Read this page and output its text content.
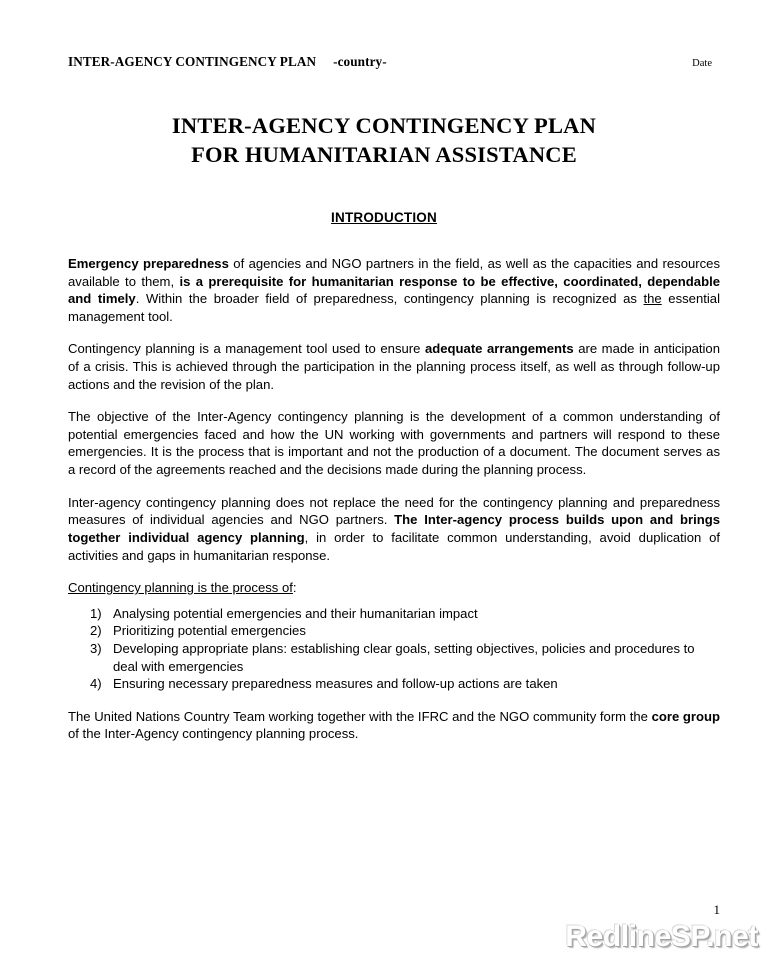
INTER-AGENCY CONTINGENCY PLAN     -country-	Date
INTER-AGENCY CONTINGENCY PLAN
FOR HUMANITARIAN ASSISTANCE
INTRODUCTION

Emergency preparedness of agencies and NGO partners in the field, as well as the capacities and resources available to them, is a prerequisite for humanitarian response to be effective, coordinated, dependable and timely. Within the broader field of preparedness, contingency planning is recognized as the essential management tool.

Contingency planning is a management tool used to ensure adequate arrangements are made in anticipation of a crisis. This is achieved through the participation in the planning process itself, as well as through follow-up actions and the revision of the plan.

The objective of the Inter-Agency contingency planning is the development of a common understanding of potential emergencies faced and how the UN working with governments and partners will respond to these emergencies. It is the process that is important and not the production of a document. The document serves as a record of the agreements reached and the decisions made during the planning process.

Inter-agency contingency planning does not replace the need for the contingency planning and preparedness measures of individual agencies and NGO partners. The Inter-agency process builds upon and brings together individual agency planning, in order to facilitate common understanding, avoid duplication of activities and gaps in humanitarian response.

Contingency planning is the process of:

1) Analysing potential emergencies and their humanitarian impact
2) Prioritizing potential emergencies
3) Developing appropriate plans: establishing clear goals, setting objectives, policies and procedures to deal with emergencies
4) Ensuring necessary preparedness measures and follow-up actions are taken

The United Nations Country Team working together with the IFRC and the NGO community form the core group of the Inter-Agency contingency planning process.

1
RedlineSP.net
